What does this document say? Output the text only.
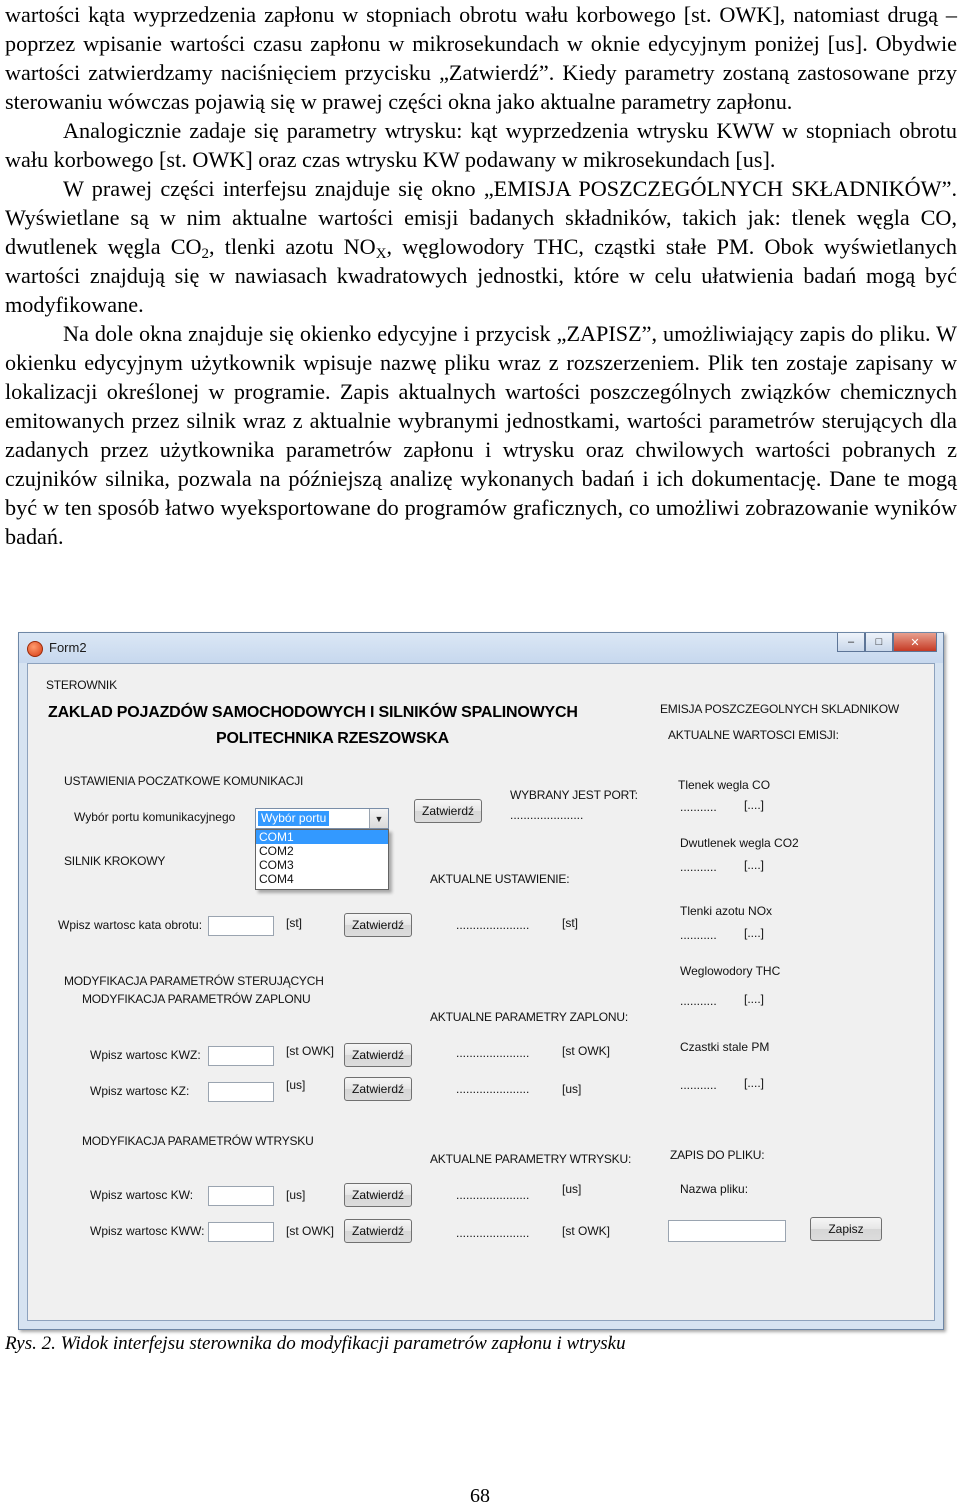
wartości kąta wyprzedzenia zapłonu w stopniach obrotu wału korbowego [st. OWK], natomiast drugą – poprzez wpisanie wartości czasu zapłonu w mikrosekundach w oknie edycyjnym poniżej [us]. Obydwie wartości zatwierdzamy naciśnięciem przycisku „Zatwierdź”. Kiedy parametry zostaną zastosowane przy sterowaniu wówczas pojawią się w prawej części okna jako aktualne parametry zapłonu.

Analogicznie zadaje się parametry wtrysku: kąt wyprzedzenia wtrysku KWW w stopniach obrotu wału korbowego [st. OWK] oraz czas wtrysku KW podawany w mikrosekundach [us].

W prawej części interfejsu znajduje się okno „EMISJA POSZCZEGÓLNYCH SKŁADNIKÓW”. Wyświetlane są w nim aktualne wartości emisji badanych składników, takich jak: tlenek węgla CO, dwutlenek węgla $CO_2$, tlenki azotu $NO_X$, węglowodory THC, cząstki stałe PM. Obok wyświetlanych wartości znajdują się w nawiasach kwadratowych jednostki, które w celu ułatwienia badań mogą być modyfikowane.

Na dole okna znajduje się okienko edycyjne i przycisk „ZAPISZ”, umożliwiający zapis do pliku. W okienku edycyjnym użytkownik wpisuje nazwę pliku wraz z rozszerzeniem. Plik ten zostaje zapisany w lokalizacji określonej w programie. Zapis aktualnych wartości poszczególnych związków chemicznych emitowanych przez silnik wraz z aktualnie wybranymi jednostkami, wartości parametrów sterujących dla zadanych przez użytkownika parametrów zapłonu i wtrysku oraz chwilowych wartości pobranych z czujników silnika, pozwala na późniejszą analizę wykonanych badań i ich dokumentację. Dane te mogą być w ten sposób łatwo wyeksportowane do programów graficznych, co umożliwi zobrazowanie wyników badań.

Form2	–	□	✕
STEROWNIK
ZAKLAD POJAZDÓW SAMOCHODOWYCH I SILNIKÓW SPALINOWYCH
POLITECHNIKA RZESZOWSKA
USTAWIENIA POCZATKOWE KOMUNIKACJI
Wybór portu komunikacyjnego Wybór portu	▼
COM1
COM2
COM3
COM4
Zatwierdź
WYBRANY JEST PORT:
......................
SILNIK KROKOWY
AKTUALNE USTAWIENIE:
Wpisz wartosc kata obrotu:	[st]	Zatwierdź	......................	[st]
MODYFIKACJA PARAMETRÓW STERUJĄCYCH
MODYFIKACJA PARAMETRÓW ZAPLONU
AKTUALNE PARAMETRY ZAPLONU:
Wpisz wartosc KWZ:	[st OWK]	Zatwierdź	......................	[st OWK]
Wpisz wartosc KZ:	[us]	Zatwierdź	......................	[us]
MODYFIKACJA PARAMETRÓW WTRYSKU
AKTUALNE PARAMETRY WTRYSKU:
Wpisz wartosc KW:	[us]	Zatwierdź	......................	[us]
Wpisz wartosc KWW:	[st OWK]	Zatwierdź	......................	[st OWK]
EMISJA POSZCZEGOLNYCH SKLADNIKOW
AKTUALNE WARTOSCI EMISJI:
Tlenek wegla CO
........... [....]
Dwutlenek wegla CO2
........... [....]
Tlenki azotu NOx
........... [....]
Weglowodory THC
........... [....]
Czastki stale PM
........... [....]
ZAPIS DO PLIKU:
Nazwa pliku:
Zapisz
Rys. 2. Widok interfejsu sterownika do modyfikacji parametrów zapłonu i wtrysku
68
